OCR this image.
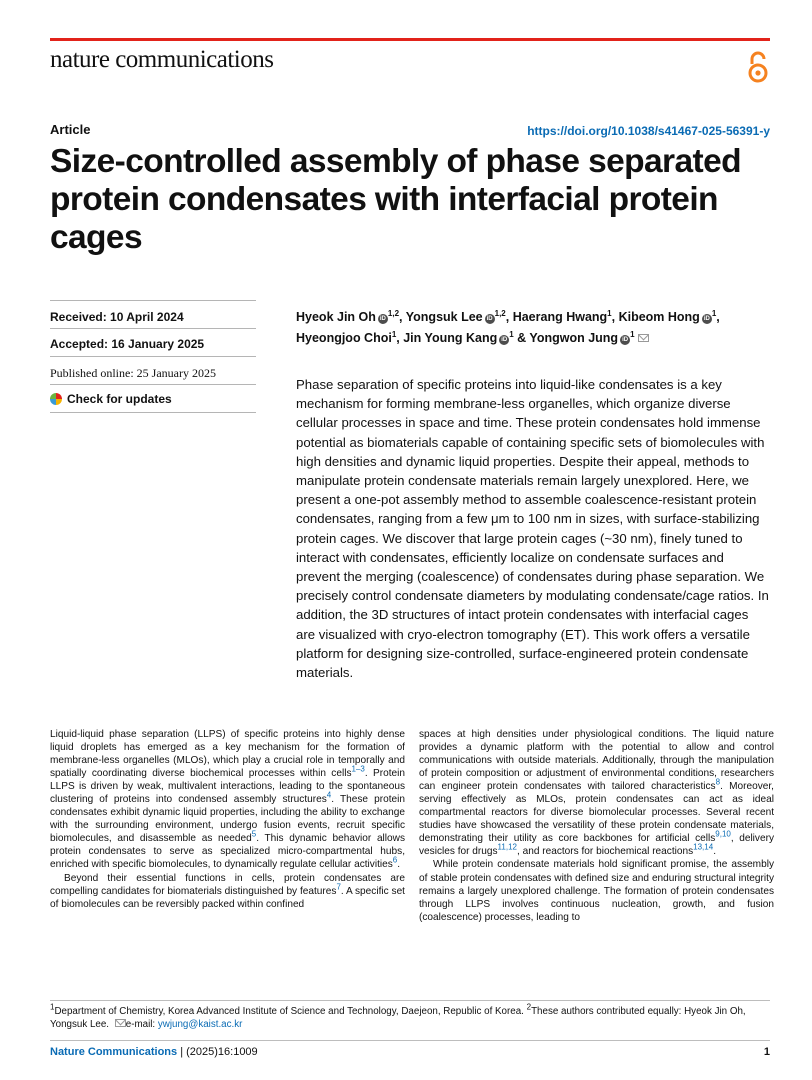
nature communications
Article	https://doi.org/10.1038/s41467-025-56391-y
Size-controlled assembly of phase separated protein condensates with interfacial protein cages
Received: 10 April 2024
Accepted: 16 January 2025
Published online: 25 January 2025
Check for updates
Hyeok Jin Oh iD$^{1,2}$, Yongsuk Lee iD$^{1,2}$, Haerang Hwang$^1$, Kibeom Hong $iD^1$, Hyeongjoo Choi$^1$, Jin Young Kang $iD^1$ & Yongwon Jung $iD^1$

Phase separation of specific proteins into liquid-like condensates is a key mechanism for forming membrane-less organelles, which organize diverse cellular processes in space and time. These protein condensates hold immense potential as biomaterials capable of containing specific sets of biomolecules with high densities and dynamic liquid properties. Despite their appeal, methods to manipulate protein condensate materials remain largely unexplored. Here, we present a one-pot assembly method to assemble coalescence-resistant protein condensates, ranging from a few μm to 100 nm in sizes, with surface-stabilizing protein cages. We discover that large protein cages (~30 nm), finely tuned to interact with condensates, efficiently localize on condensate surfaces and prevent the merging (coalescence) of condensates during phase separation. We precisely control condensate diameters by modulating condensate/cage ratios. In addition, the 3D structures of intact protein condensates with interfacial cages are visualized with cryo-electron tomography (ET). This work offers a versatile platform for designing size-controlled, surface-engineered protein condensate materials.

Liquid-liquid phase separation (LLPS) of specific proteins into highly dense liquid droplets has emerged as a key mechanism for the formation of membrane-less organelles (MLOs), which play a crucial role in temporally and spatially coordinating diverse biochemical processes within cells$^{1-3}$. Protein LLPS is driven by weak, multivalent interactions, leading to the spontaneous clustering of proteins into condensed assembly structures$^4$. These protein condensates exhibit dynamic liquid properties, including the ability to exchange with the surrounding environment, undergo fusion events, recruit specific biomolecules, and disassemble as needed$^5$. This dynamic behavior allows protein condensates to serve as specialized micro-compartmental hubs, enriched with specific biomolecules, to dynamically regulate cellular activities$^6$.

Beyond their essential functions in cells, protein condensates are compelling candidates for biomaterials distinguished by features$^7$. A specific set of biomolecules can be reversibly packed within confined

spaces at high densities under physiological conditions. The liquid nature provides a dynamic platform with the potential to allow and control communications with outside materials. Additionally, through the manipulation of protein composition or adjustment of environmental conditions, researchers can engineer protein condensates with tailored characteristics$^8$. Moreover, serving effectively as MLOs, protein condensates can act as ideal compartmental reactors for diverse biomolecular processes. Several recent studies have showcased the versatility of these protein condensate materials, demonstrating their utility as core backbones for artificial cells$^{9,10}$, delivery vesicles for drugs$^{11,12}$, and reactors for biochemical reactions$^{13,14}$.

While protein condensate materials hold significant promise, the assembly of stable protein condensates with defined size and enduring structural integrity remains a largely unexplored challenge. The formation of protein condensates through LLPS involves continuous nucleation, growth, and fusion (coalescence) processes, leading to

$^1$Department of Chemistry, Korea Advanced Institute of Science and Technology, Daejeon, Republic of Korea. $^2$These authors contributed equally: Hyeok Jin Oh, Yongsuk Lee. e-mail: ywjung@kaist.ac.kr

Nature Communications | (2025)16:1009	1
